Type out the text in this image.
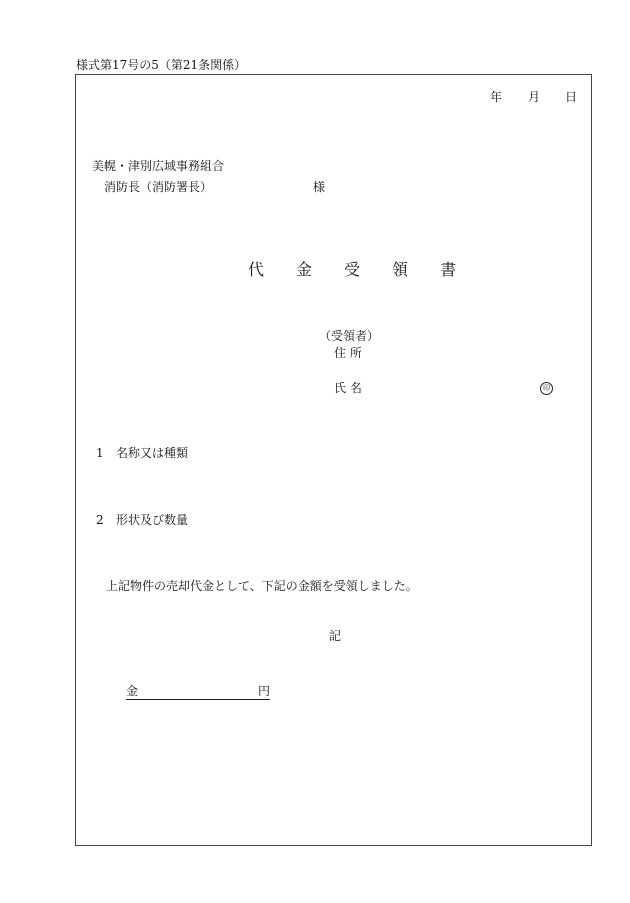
様式第17号の5（第21条関係）
年 月 日
美幌・津別広域事務組合
消防長（消防署長）	様
代 金 受 領 書
（受領者）
住 所
氏 名	印
1 名称又は種類
2 形状及び数量
上記物件の売却代金として、下記の金額を受領しました。
記
金	円
